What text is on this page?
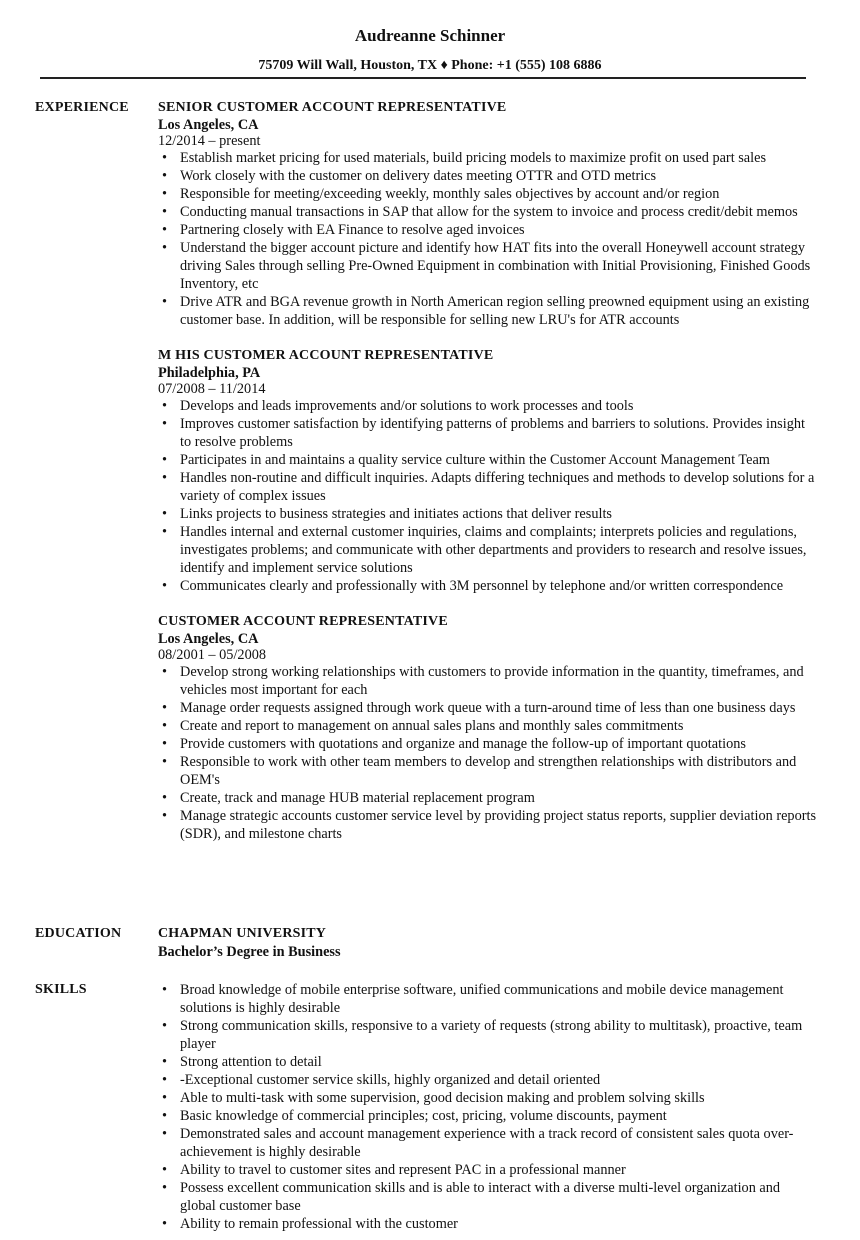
Audreanne Schinner
75709 Will Wall, Houston, TX ♦ Phone: +1 (555) 108 6886
EXPERIENCE SENIOR CUSTOMER ACCOUNT REPRESENTATIVE
Los Angeles, CA
12/2014 – present
• Establish market pricing for used materials, build pricing models to maximize profit on used part sales
• Work closely with the customer on delivery dates meeting OTTR and OTD metrics
• Responsible for meeting/exceeding weekly, monthly sales objectives by account and/or region
• Conducting manual transactions in SAP that allow for the system to invoice and process credit/debit memos
• Partnering closely with EA Finance to resolve aged invoices
• Understand the bigger account picture and identify how HAT fits into the overall Honeywell account strategy driving Sales through selling Pre-Owned Equipment in combination with Initial Provisioning, Finished Goods Inventory, etc
• Drive ATR and BGA revenue growth in North American region selling preowned equipment using an existing customer base. In addition, will be responsible for selling new LRU's for ATR accounts
M HIS CUSTOMER ACCOUNT REPRESENTATIVE
Philadelphia, PA
07/2008 – 11/2014
• Develops and leads improvements and/or solutions to work processes and tools
• Improves customer satisfaction by identifying patterns of problems and barriers to solutions. Provides insight to resolve problems
• Participates in and maintains a quality service culture within the Customer Account Management Team
• Handles non-routine and difficult inquiries. Adapts differing techniques and methods to develop solutions for a variety of complex issues
• Links projects to business strategies and initiates actions that deliver results
• Handles internal and external customer inquiries, claims and complaints; interprets policies and regulations, investigates problems; and communicate with other departments and providers to research and resolve issues, identify and implement service solutions
• Communicates clearly and professionally with 3M personnel by telephone and/or written correspondence
CUSTOMER ACCOUNT REPRESENTATIVE
Los Angeles, CA
08/2001 – 05/2008
• Develop strong working relationships with customers to provide information in the quantity, timeframes, and vehicles most important for each
• Manage order requests assigned through work queue with a turn-around time of less than one business days
• Create and report to management on annual sales plans and monthly sales commitments
• Provide customers with quotations and organize and manage the follow-up of important quotations
• Responsible to work with other team members to develop and strengthen relationships with distributors and OEM's
• Create, track and manage HUB material replacement program
• Manage strategic accounts customer service level by providing project status reports, supplier deviation reports (SDR), and milestone charts
EDUCATION	CHAPMAN UNIVERSITY
Bachelor’s Degree in Business
SKILLS
•	Broad knowledge of mobile enterprise software, unified communications and mobile device management solutions is highly desirable
• Strong communication skills, responsive to a variety of requests (strong ability to multitask), proactive, team player
• Strong attention to detail
• -Exceptional customer service skills, highly organized and detail oriented
• Able to multi-task with some supervision, good decision making and problem solving skills
• Basic knowledge of commercial principles; cost, pricing, volume discounts, payment
• Demonstrated sales and account management experience with a track record of consistent sales quota over-achievement is highly desirable
• Ability to travel to customer sites and represent PAC in a professional manner
• Possess excellent communication skills and is able to interact with a diverse multi-level organization and global customer base
• Ability to remain professional with the customer
